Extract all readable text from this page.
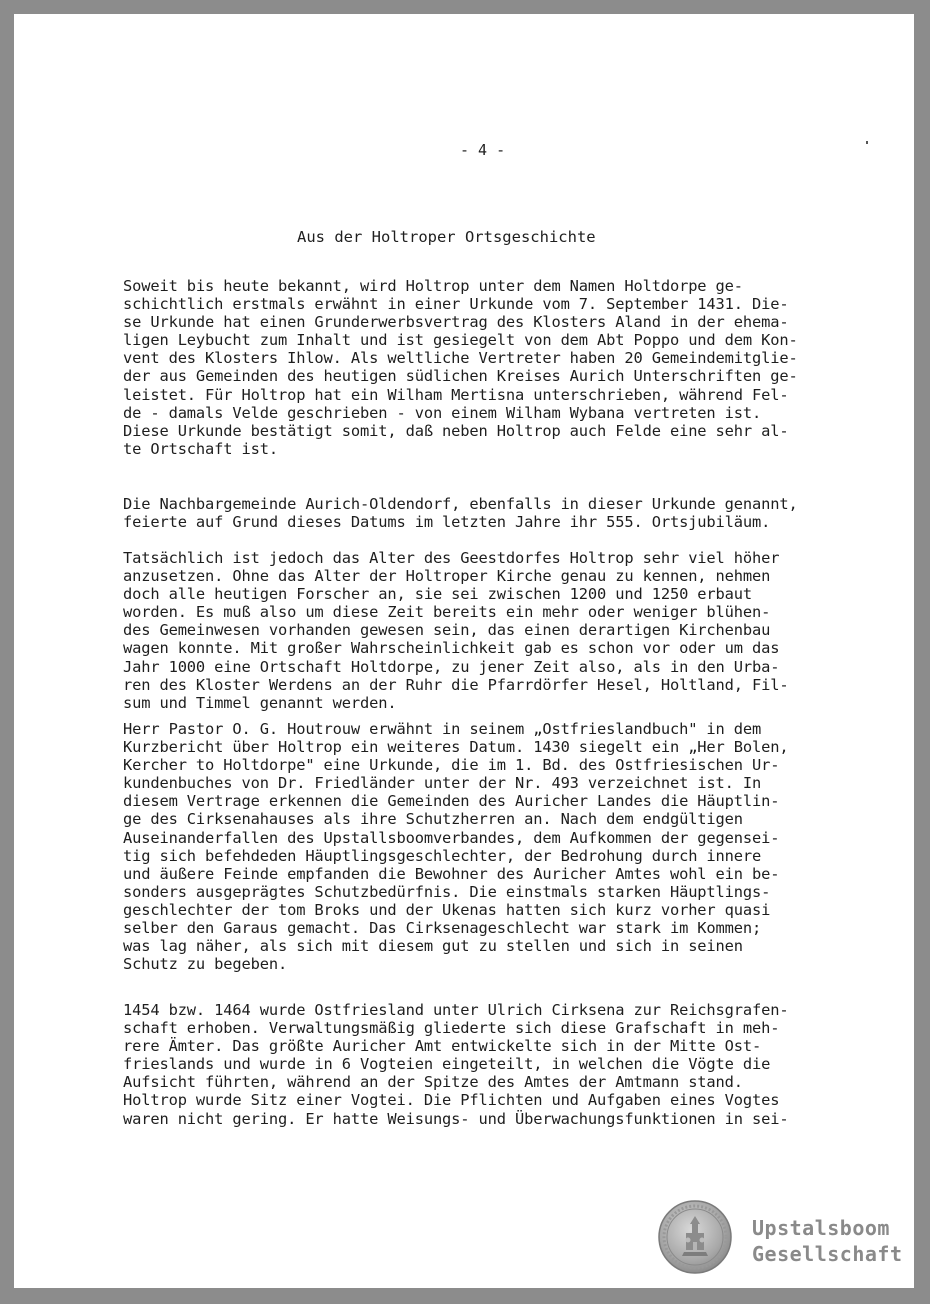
- 4 -
Aus der Holtroper Ortsgeschichte
Soweit bis heute bekannt, wird Holtrop unter dem Namen Holtdorpe ge-
schichtlich erstmals erwähnt in einer Urkunde vom 7. September 1431. Die-
se Urkunde hat einen Grunderwerbsvertrag des Klosters Aland in der ehema-
ligen Leybucht zum Inhalt und ist gesiegelt von dem Abt Poppo und dem Kon-
vent des Klosters Ihlow. Als weltliche Vertreter haben 20 Gemeindemitglie-
der aus Gemeinden des heutigen südlichen Kreises Aurich Unterschriften ge-
leistet. Für Holtrop hat ein Wilham Mertisna unterschrieben, während Fel-
de - damals Velde geschrieben - von einem Wilham Wybana vertreten ist.
Diese Urkunde bestätigt somit, daß neben Holtrop auch Felde eine sehr al-
te Ortschaft ist.
Die Nachbargemeinde Aurich-Oldendorf, ebenfalls in dieser Urkunde genannt,
feierte auf Grund dieses Datums im letzten Jahre ihr 555. Ortsjubiläum.
Tatsächlich ist jedoch das Alter des Geestdorfes Holtrop sehr viel höher
anzusetzen. Ohne das Alter der Holtroper Kirche genau zu kennen, nehmen
doch alle heutigen Forscher an, sie sei zwischen 1200 und 1250 erbaut
worden. Es muß also um diese Zeit bereits ein mehr oder weniger blühen-
des Gemeinwesen vorhanden gewesen sein, das einen derartigen Kirchenbau
wagen konnte. Mit großer Wahrscheinlichkeit gab es schon vor oder um das
Jahr 1000 eine Ortschaft Holtdorpe, zu jener Zeit also, als in den Urba-
ren des Kloster Werdens an der Ruhr die Pfarrdörfer Hesel, Holtland, Fil-
sum und Timmel genannt werden.
Herr Pastor O. G. Houtrouw erwähnt in seinem „Ostfrieslandbuch" in dem
Kurzbericht über Holtrop ein weiteres Datum. 1430 siegelt ein „Her Bolen,
Kercher to Holtdorpe" eine Urkunde, die im 1. Bd. des Ostfriesischen Ur-
kundenbuches von Dr. Friedländer unter der Nr. 493 verzeichnet ist. In
diesem Vertrage erkennen die Gemeinden des Auricher Landes die Häuptlin-
ge des Cirksenahauses als ihre Schutzherren an. Nach dem endgültigen
Auseinanderfallen des Upstallsboomverbandes, dem Aufkommen der gegensei-
tig sich befehdeden Häuptlingsgeschlechter, der Bedrohung durch innere
und äußere Feinde empfanden die Bewohner des Auricher Amtes wohl ein be-
sonders ausgeprägtes Schutzbedürfnis. Die einstmals starken Häuptlings-
geschlechter der tom Broks und der Ukenas hatten sich kurz vorher quasi
selber den Garaus gemacht. Das Cirksenageschlecht war stark im Kommen;
was lag näher, als sich mit diesem gut zu stellen und sich in seinen
Schutz zu begeben.
1454 bzw. 1464 wurde Ostfriesland unter Ulrich Cirksena zur Reichsgrafen-
schaft erhoben. Verwaltungsmäßig gliederte sich diese Grafschaft in meh-
rere Ämter. Das größte Auricher Amt entwickelte sich in der Mitte Ost-
frieslands und wurde in 6 Vogteien eingeteilt, in welchen die Vögte die
Aufsicht führten, während an der Spitze des Amtes der Amtmann stand.
Holtrop wurde Sitz einer Vogtei. Die Pflichten und Aufgaben eines Vogtes
waren nicht gering. Er hatte Weisungs- und Überwachungsfunktionen in sei-
Upstalsboom
Gesellschaft
